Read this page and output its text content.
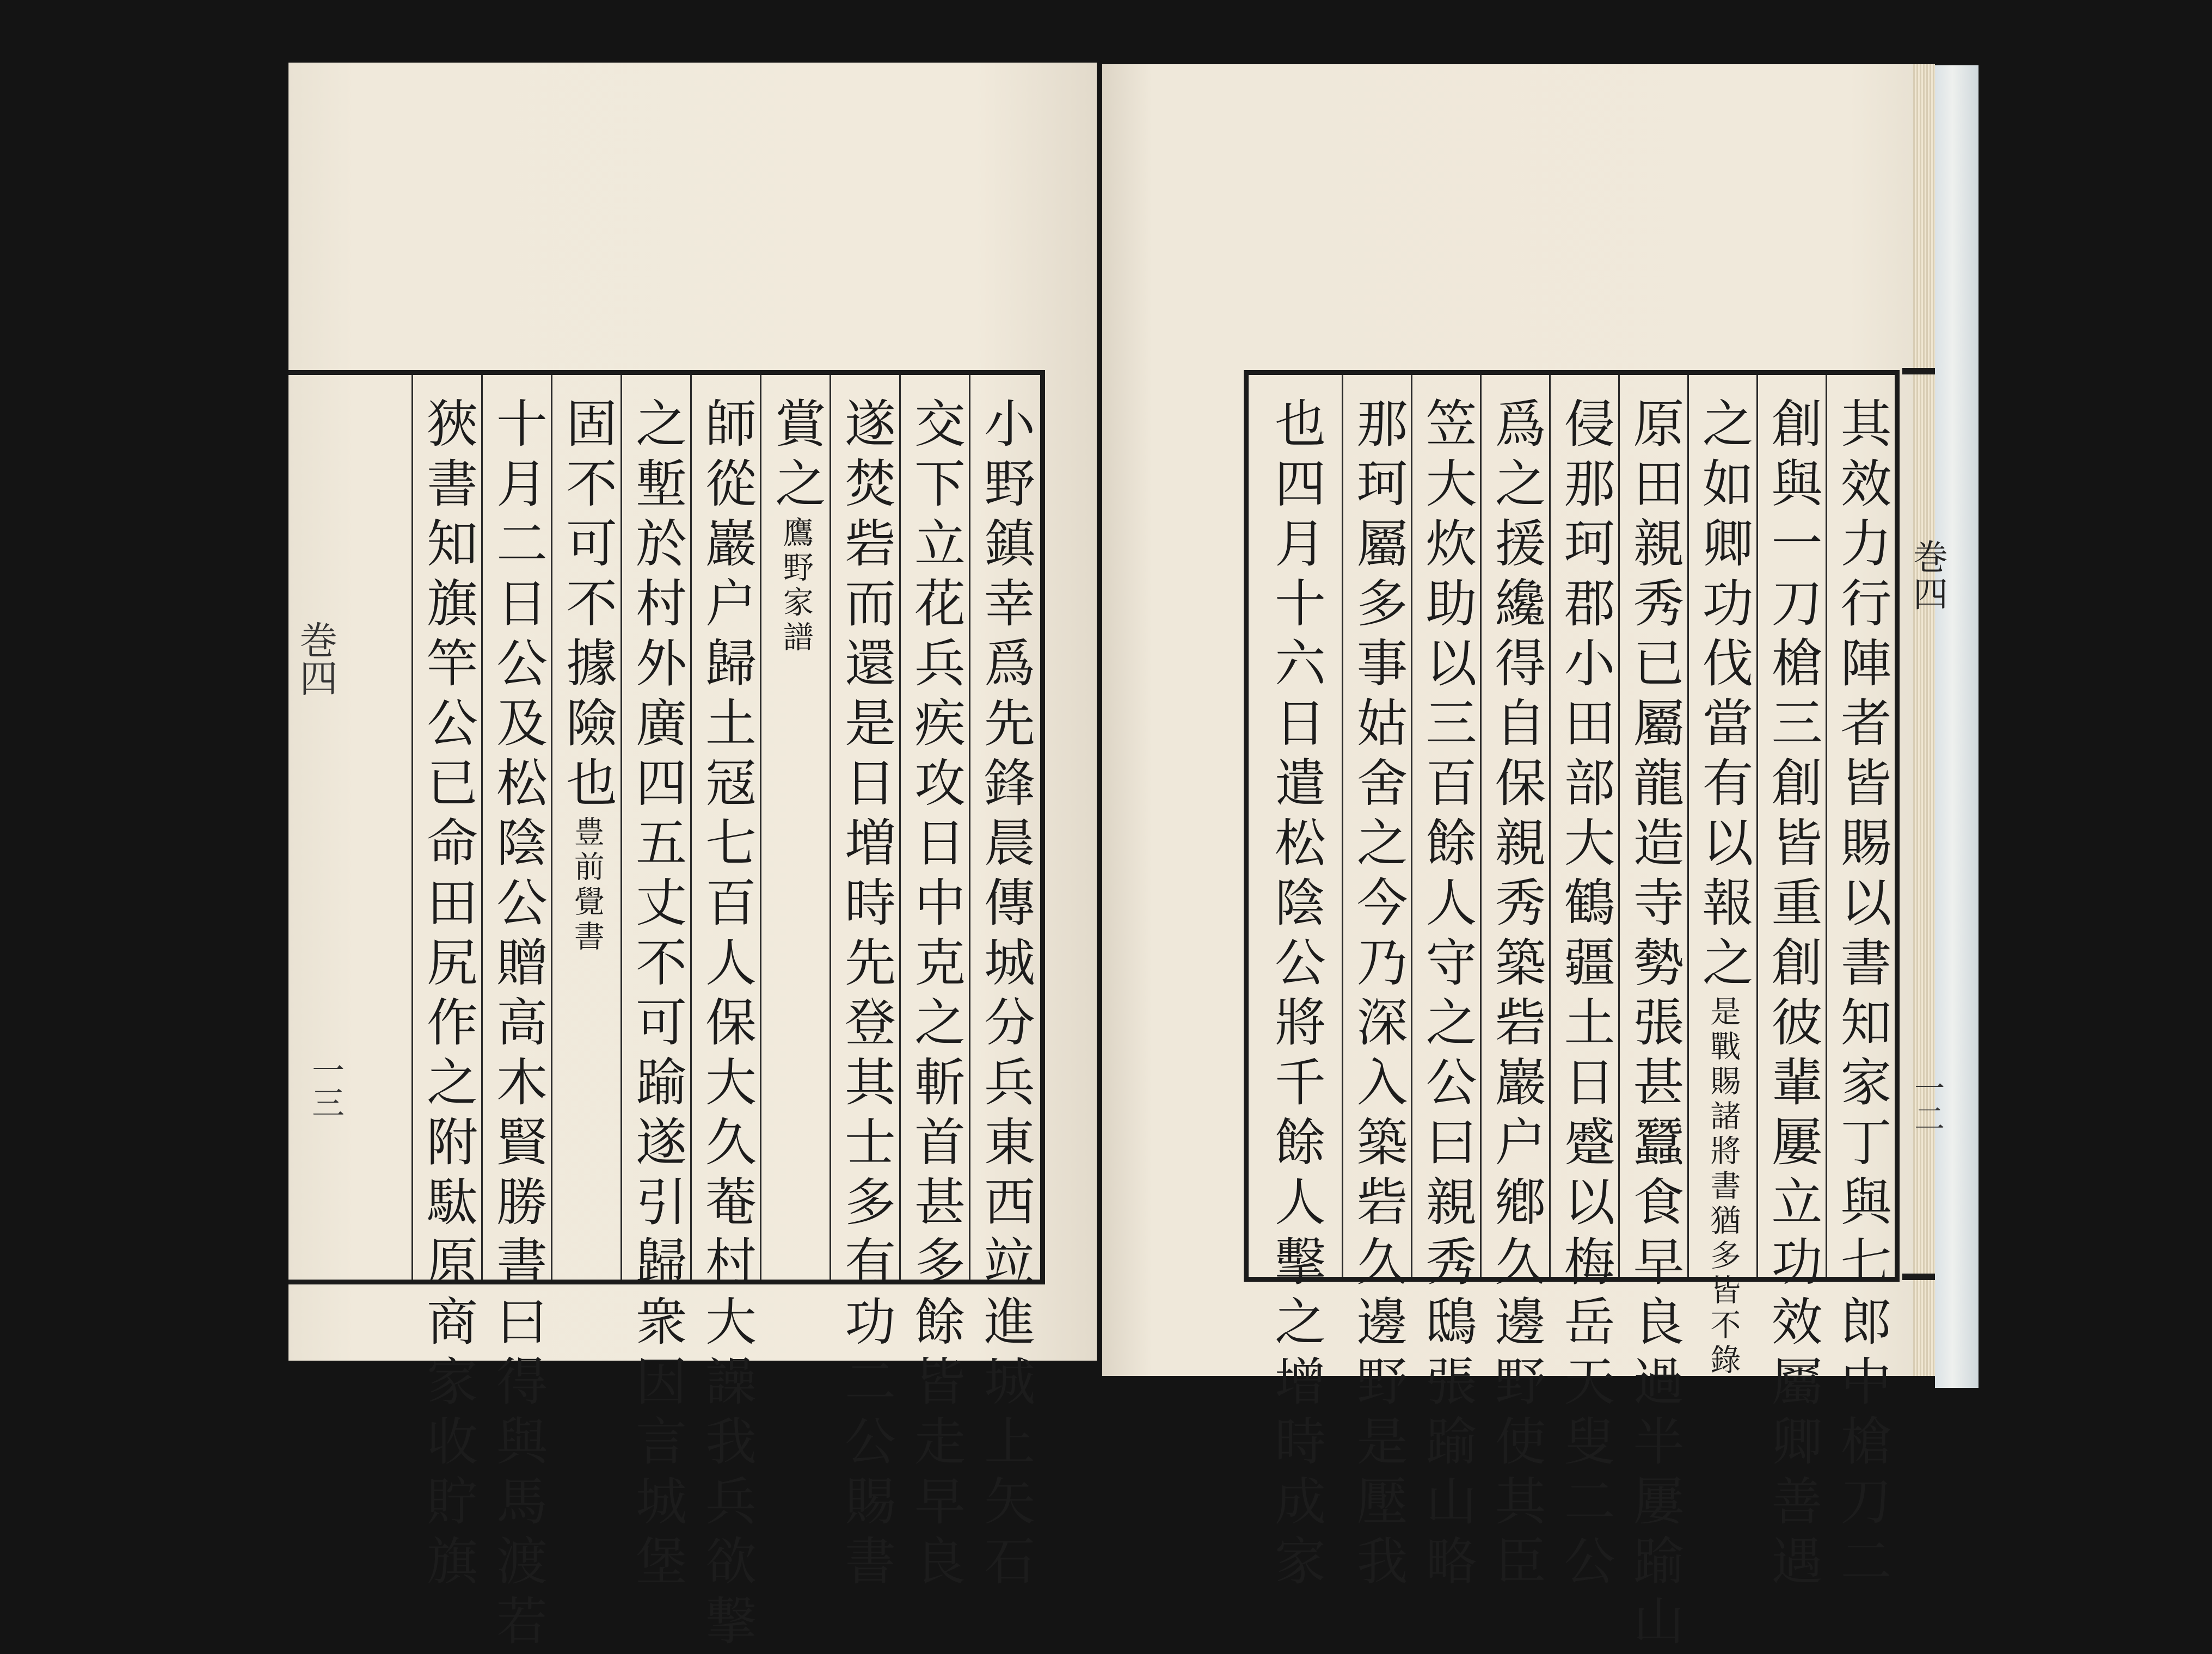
巻四
一三	小野鎮幸爲先鋒晨傳城分兵東西竝進城上矢石
交下立花兵疾攻日中克之斬首甚多餘皆走早良
遂焚砦而還是日増時先登其士多有功二公賜書
賞之
鷹野家譜
師從巖户歸土冦七百人保大久菴村大譟我兵欲撃
之塹於村外廣四五丈不可踰遂引歸衆因言城堡
固不可不據險也
豊前覺書
十月二日公及松陰公贈高木賢勝書曰得與馬渡若
狹書知旗竿公已命田尻作之附駄原商家收貯旗	其效力行陣者皆賜以書知家丁與七郎中槍刀二
創與一刀槍三創皆重創彼輩屢立功效屬卿善遇
之如卿功伐當有以報之
是戰賜諸將書猶多皆不錄
原田親秀已屬龍造寺勢張甚蠶食早良過半屢踰山
侵那珂郡小田部大鶴疆土日蹙以梅岳天叟二公
爲之援纔得自保親秀築砦巖户鄕久邊野使其臣
笠大炊助以三百餘人守之公曰親秀鴟張踰山略
那珂屬多事姑舍之今乃深入築砦久邊野是壓我
也四月十六日遣松陰公將千餘人擊之增時成家	巻四
一二
